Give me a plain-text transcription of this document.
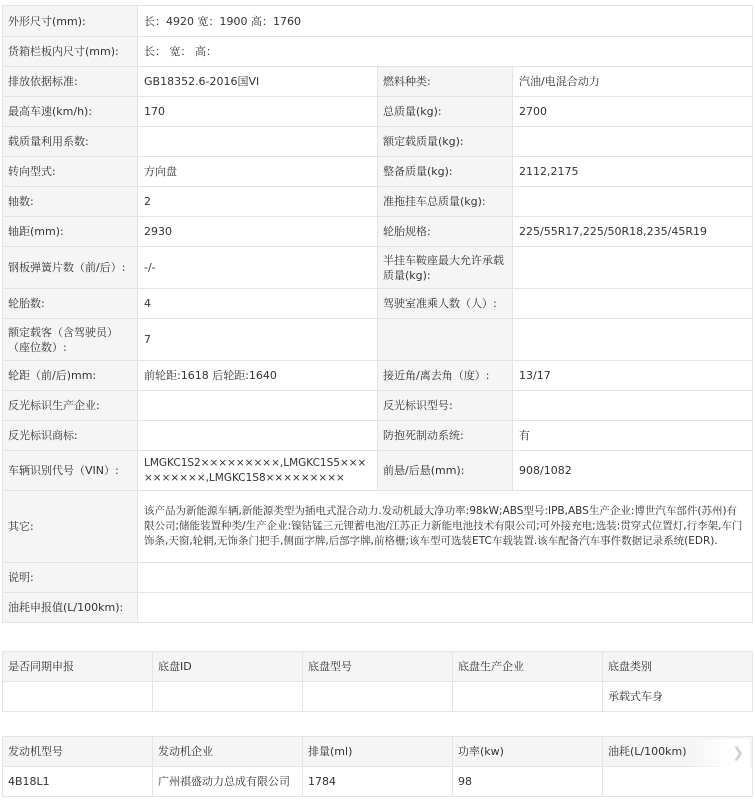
外形尺寸(mm):	长：4920 宽：1900 高：1760		
货箱栏板内尺寸(mm):	长： 宽： 高：		
排放依据标准:	GB18352.6-2016国VI	燃料种类:	汽油/电混合动力
最高车速(km/h):	170	总质量(kg):	2700
载质量利用系数:		额定载质量(kg):	
转向型式:	方向盘	整备质量(kg):	2112,2175
轴数:	2	准拖挂车总质量(kg):	
轴距(mm):	2930	轮胎规格:	225/55R17,225/50R18,235/45R19
钢板弹簧片数（前/后）:	-/-	半挂车鞍座最大允许承载质量(kg):	
轮胎数:	4	驾驶室准乘人数（人）:	
额定载客（含驾驶员）（座位数）:	7		
轮距（前/后)mm:	前轮距:1618 后轮距:1640	接近角/离去角（度）:	13/17
反光标识生产企业:		反光标识型号:	
反光标识商标:		防抱死制动系统:	有
车辆识别代号（VIN）:	LMGKC1S2×××××××××,LMGKC1S5××××××××××,LMGKC1S8×××××××××	前悬/后悬(mm):	908/1082
其它:	该产品为新能源车辆,新能源类型为插电式混合动力.发动机最大净功率:98kW;ABS型号:IPB,ABS生产企业:博世汽车部件(苏州)有限公司;储能装置种类/生产企业:镍钴锰三元锂蓄电池/江苏正力新能电池技术有限公司;可外接充电;选装:贯穿式位置灯,行李架,车门饰条,天窗,轮辋,无饰条门把手,侧面字牌,后部字牌,前格栅;该车型可选装ETC车载装置.该车配备汽车事件数据记录系统(EDR).		
说明:			
油耗申报值(L/100km):			
是否同期申报	底盘ID	底盘型号	底盘生产企业	底盘类别
				承载式车身
发动机型号	发动机企业	排量(ml)	功率(kw)	油耗(L/100km)
4B18L1	广州祺盛动力总成有限公司	1784	98	
❯
